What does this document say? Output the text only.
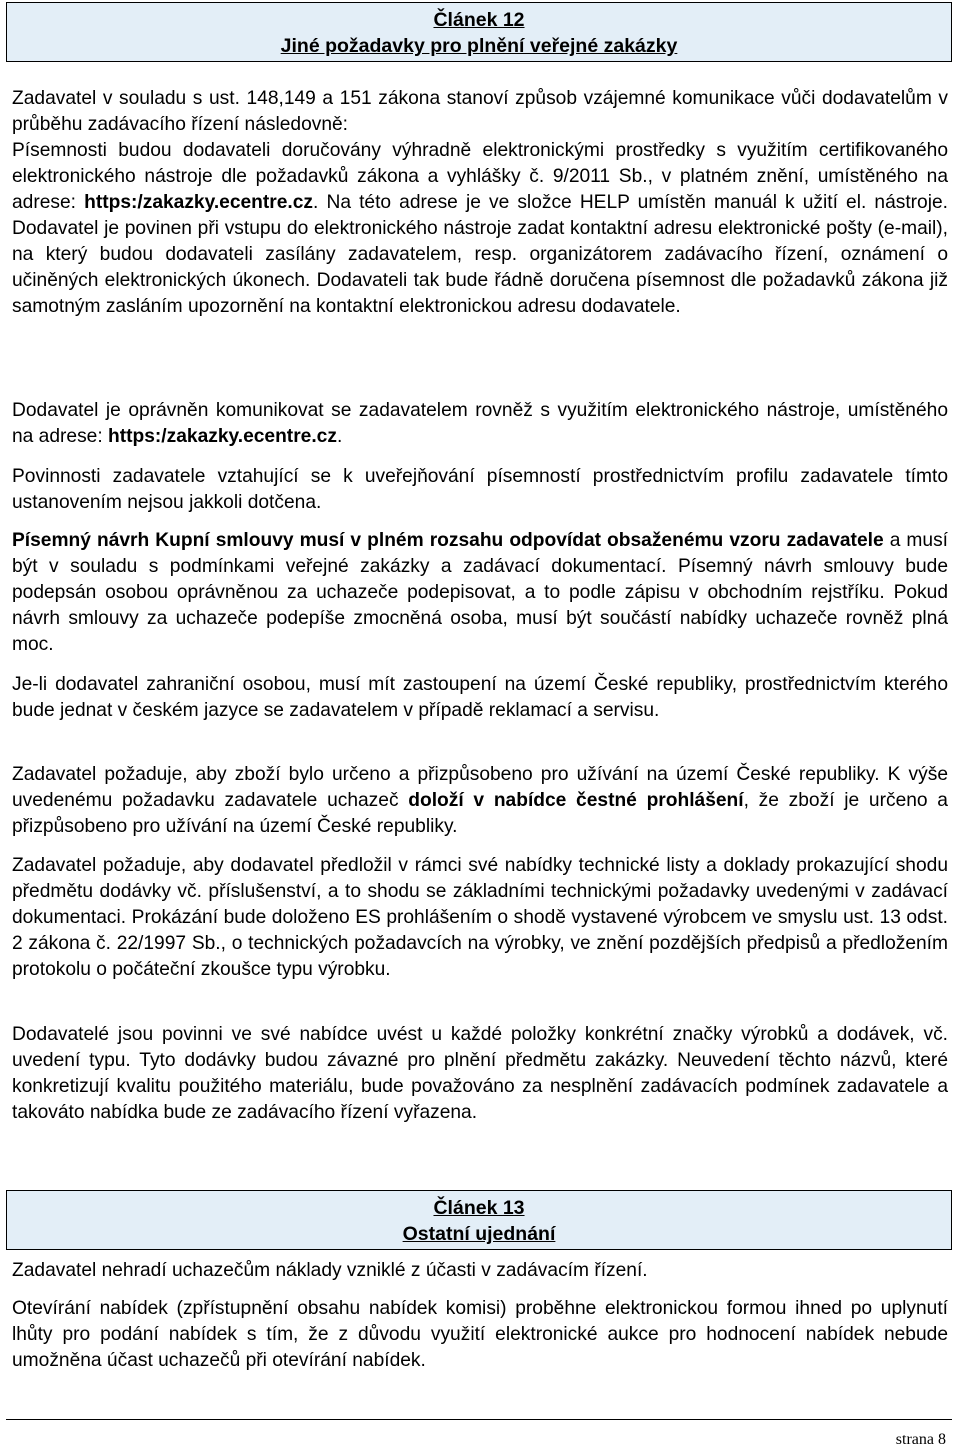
Článek 12
Jiné požadavky pro plnění veřejné zakázky
Zadavatel v souladu s ust. 148,149 a 151 zákona stanoví způsob vzájemné komunikace vůči dodavatelům v průběhu zadávacího řízení následovně:
Písemnosti budou dodavateli doručovány výhradně elektronickými prostředky s využitím certifikovaného elektronického nástroje dle požadavků zákona a vyhlášky č. 9/2011 Sb., v platném znění, umístěného na adrese: https:/zakazky.ecentre.cz. Na této adrese je ve složce HELP umístěn manuál k užití el. nástroje. Dodavatel je povinen při vstupu do elektronického nástroje zadat kontaktní adresu elektronické pošty (e-mail), na který budou dodavateli zasílány zadavatelem, resp. organizátorem zadávacího řízení, oznámení o učiněných elektronických úkonech. Dodavateli tak bude řádně doručena písemnost dle požadavků zákona již samotným zasláním upozornění na kontaktní elektronickou adresu dodavatele.
Dodavatel je oprávněn komunikovat se zadavatelem rovněž s využitím elektronického nástroje, umístěného na adrese: https:/zakazky.ecentre.cz.
Povinnosti zadavatele vztahující se k uveřejňování písemností prostřednictvím profilu zadavatele tímto ustanovením nejsou jakkoli dotčena.
Písemný návrh Kupní smlouvy musí v plném rozsahu odpovídat obsaženému vzoru zadavatele a musí být v souladu s podmínkami veřejné zakázky a zadávací dokumentací. Písemný návrh smlouvy bude podepsán osobou oprávněnou za uchazeče podepisovat, a to podle zápisu v obchodním rejstříku. Pokud návrh smlouvy za uchazeče podepíše zmocněná osoba, musí být součástí nabídky uchazeče rovněž plná moc.
Je-li dodavatel zahraniční osobou, musí mít zastoupení na území České republiky, prostřednictvím kterého bude jednat v českém jazyce se zadavatelem v případě reklamací a servisu.
Zadavatel požaduje, aby zboží bylo určeno a přizpůsobeno pro užívání na území České republiky. K výše uvedenému požadavku zadavatele uchazeč doloží v nabídce čestné prohlášení, že zboží je určeno a přizpůsobeno pro užívání na území České republiky.
Zadavatel požaduje, aby dodavatel předložil v rámci své nabídky technické listy a doklady prokazující shodu předmětu dodávky vč. příslušenství, a to shodu se základními technickými požadavky uvedenými v zadávací dokumentaci. Prokázání bude doloženo ES prohlášením o shodě vystavené výrobcem ve smyslu ust. 13 odst. 2 zákona č. 22/1997 Sb., o technických požadavcích na výrobky, ve znění pozdějších předpisů a předložením protokolu o počáteční zkoušce typu výrobku.
Dodavatelé jsou povinni ve své nabídce uvést u každé položky konkrétní značky výrobků a dodávek, vč. uvedení typu. Tyto dodávky budou závazné pro plnění předmětu zakázky. Neuvedení těchto názvů, které konkretizují kvalitu použitého materiálu, bude považováno za nesplnění zadávacích podmínek zadavatele a takováto nabídka bude ze zadávacího řízení vyřazena.
Článek 13
Ostatní ujednání
Zadavatel nehradí uchazečům náklady vzniklé z účasti v zadávacím řízení.
Otevírání nabídek (zpřístupnění obsahu nabídek komisi) proběhne elektronickou formou ihned po uplynutí lhůty pro podání nabídek s tím, že z důvodu využití elektronické aukce pro hodnocení nabídek nebude umožněna účast uchazečů při otevírání nabídek.
strana 8
